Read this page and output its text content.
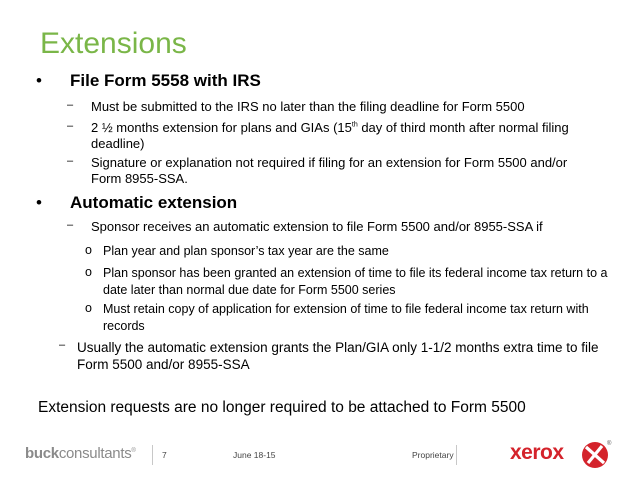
Extensions
• File Form 5558 with IRS
– Must be submitted to the IRS no later than the filing deadline for Form 5500
– 2 ½ months extension for plans and GIAs (15th day of third month after normal filing deadline)
– Signature or explanation not required if filing for an extension for Form 5500 and/or Form 8955-SSA.
• Automatic extension
– Sponsor receives an automatic extension to file Form 5500 and/or 8955-SSA if
o Plan year and plan sponsor’s tax year are the same
o Plan sponsor has been granted an extension of time to file its federal income tax return to a date later than normal due date for Form 5500 series
o Must retain copy of application for extension of time to file federal income tax return with records
– Usually the automatic extension grants the Plan/GIA only 1-1/2 months extra time to file Form 5500 and/or 8955-SSA
Extension requests are no longer required to be attached to Form 5500
buckconsultants®	7	June 18-15	Proprietary	xerox	®
